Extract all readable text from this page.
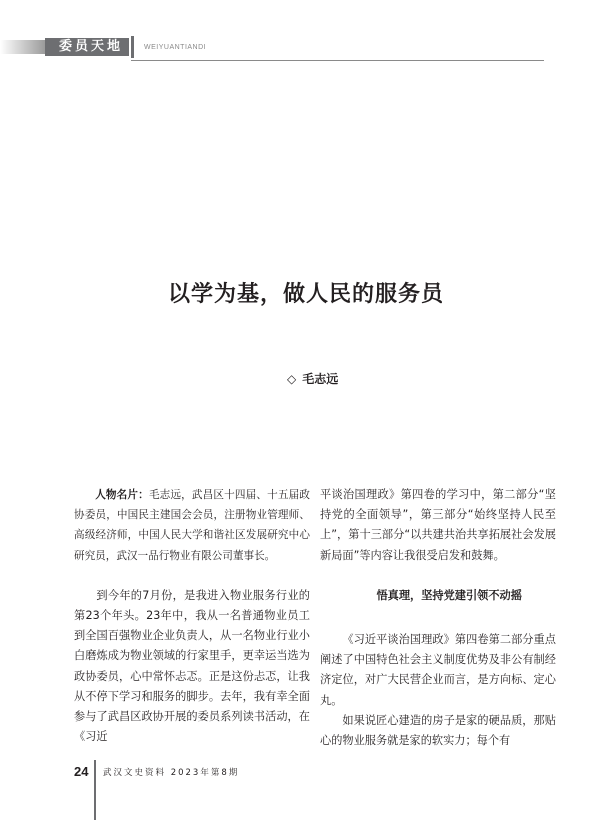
委员天地	WEIYUANTIANDI
以学为基，做人民的服务员
◇ 毛志远

人物名片：毛志远，武昌区十四届、十五届政协委员，中国民主建国会会员，注册物业管理师、高级经济师，中国人民大学和谐社区发展研究中心研究员，武汉一品行物业有限公司董事长。

到今年的7月份，是我进入物业服务行业的第23个年头。23年中，我从一名普通物业员工到全国百强物业企业负责人，从一名物业行业小白磨炼成为物业领域的行家里手，更幸运当选为政协委员，心中常怀忐忑。正是这份忐忑，让我从不停下学习和服务的脚步。去年，我有幸全面参与了武昌区政协开展的委员系列读书活动，在《习近

平谈治国理政》第四卷的学习中，第二部分“坚持党的全面领导”，第三部分“始终坚持人民至上”，第十三部分“以共建共治共享拓展社会发展新局面”等内容让我很受启发和鼓舞。

悟真理，坚持党建引领不动摇

《习近平谈治国理政》第四卷第二部分重点阐述了中国特色社会主义制度优势及非公有制经济定位，对广大民营企业而言，是方向标、定心丸。

如果说匠心建造的房子是家的硬品质，那贴心的物业服务就是家的软实力；每个有

24 武汉文史资料 2023年第8期
